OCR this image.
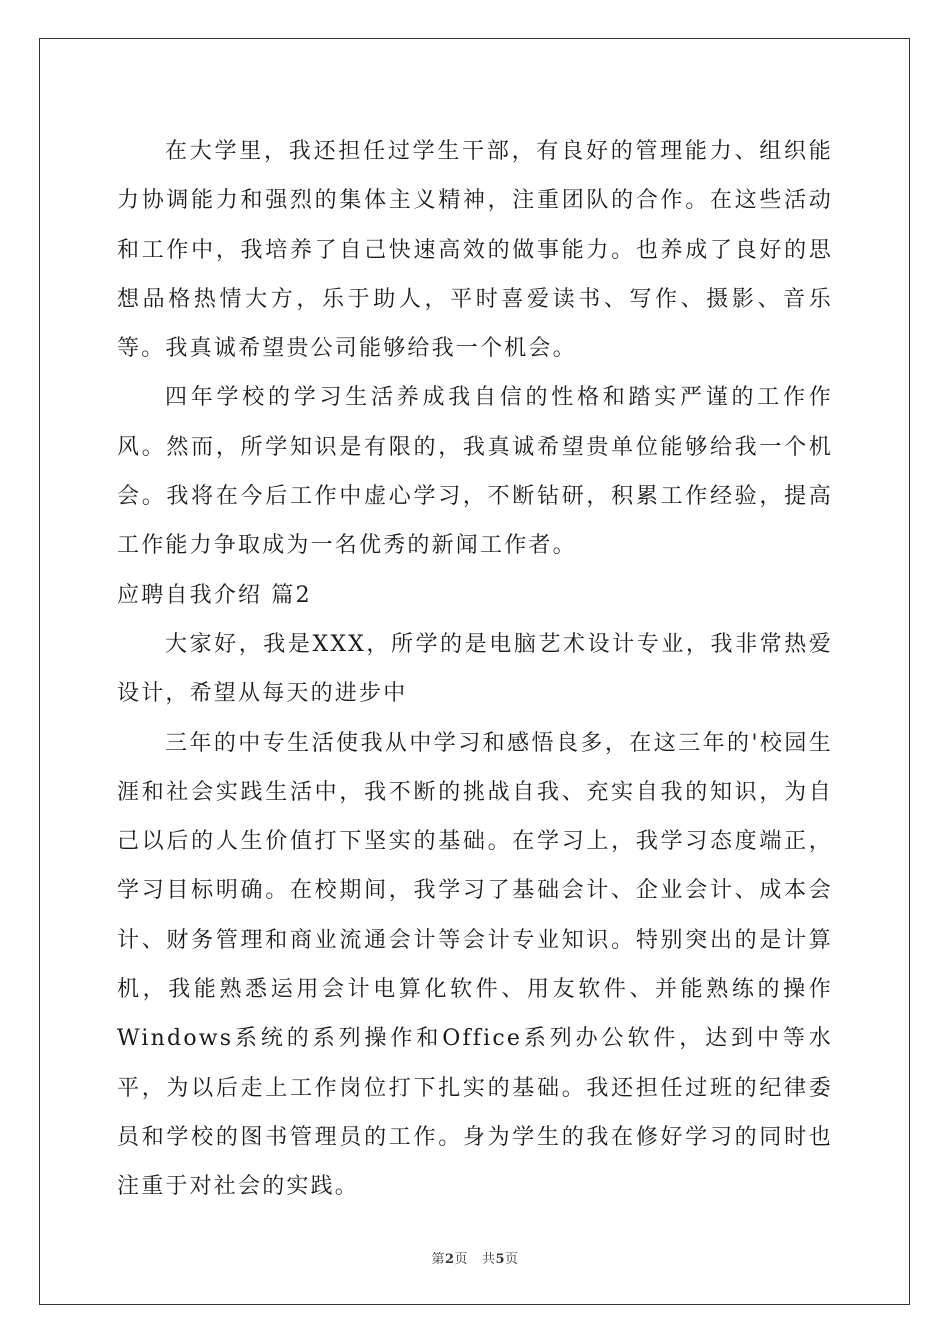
在大学里，我还担任过学生干部，有良好的管理能力、组织能力协调能力和强烈的集体主义精神，注重团队的合作。在这些活动和工作中，我培养了自己快速高效的做事能力。也养成了良好的思想品格热情大方，乐于助人，平时喜爱读书、写作、摄影、音乐等。我真诚希望贵公司能够给我一个机会。

四年学校的学习生活养成我自信的性格和踏实严谨的工作作风。然而，所学知识是有限的，我真诚希望贵单位能够给我一个机会。我将在今后工作中虚心学习，不断钻研，积累工作经验，提高工作能力争取成为一名优秀的新闻工作者。

应聘自我介绍 篇2

大家好，我是XXX，所学的是电脑艺术设计专业，我非常热爱设计，希望从每天的进步中

三年的中专生活使我从中学习和感悟良多，在这三年的'校园生涯和社会实践生活中，我不断的挑战自我、充实自我的知识，为自己以后的人生价值打下坚实的基础。在学习上，我学习态度端正，学习目标明确。在校期间，我学习了基础会计、企业会计、成本会计、财务管理和商业流通会计等会计专业知识。特别突出的是计算机，我能熟悉运用会计电算化软件、用友软件、并能熟练的操作Windows系统的系列操作和Office系列办公软件，达到中等水平，为以后走上工作岗位打下扎实的基础。我还担任过班的纪律委员和学校的图书管理员的工作。身为学生的我在修好学习的同时也注重于对社会的实践。

第2页 共5页
